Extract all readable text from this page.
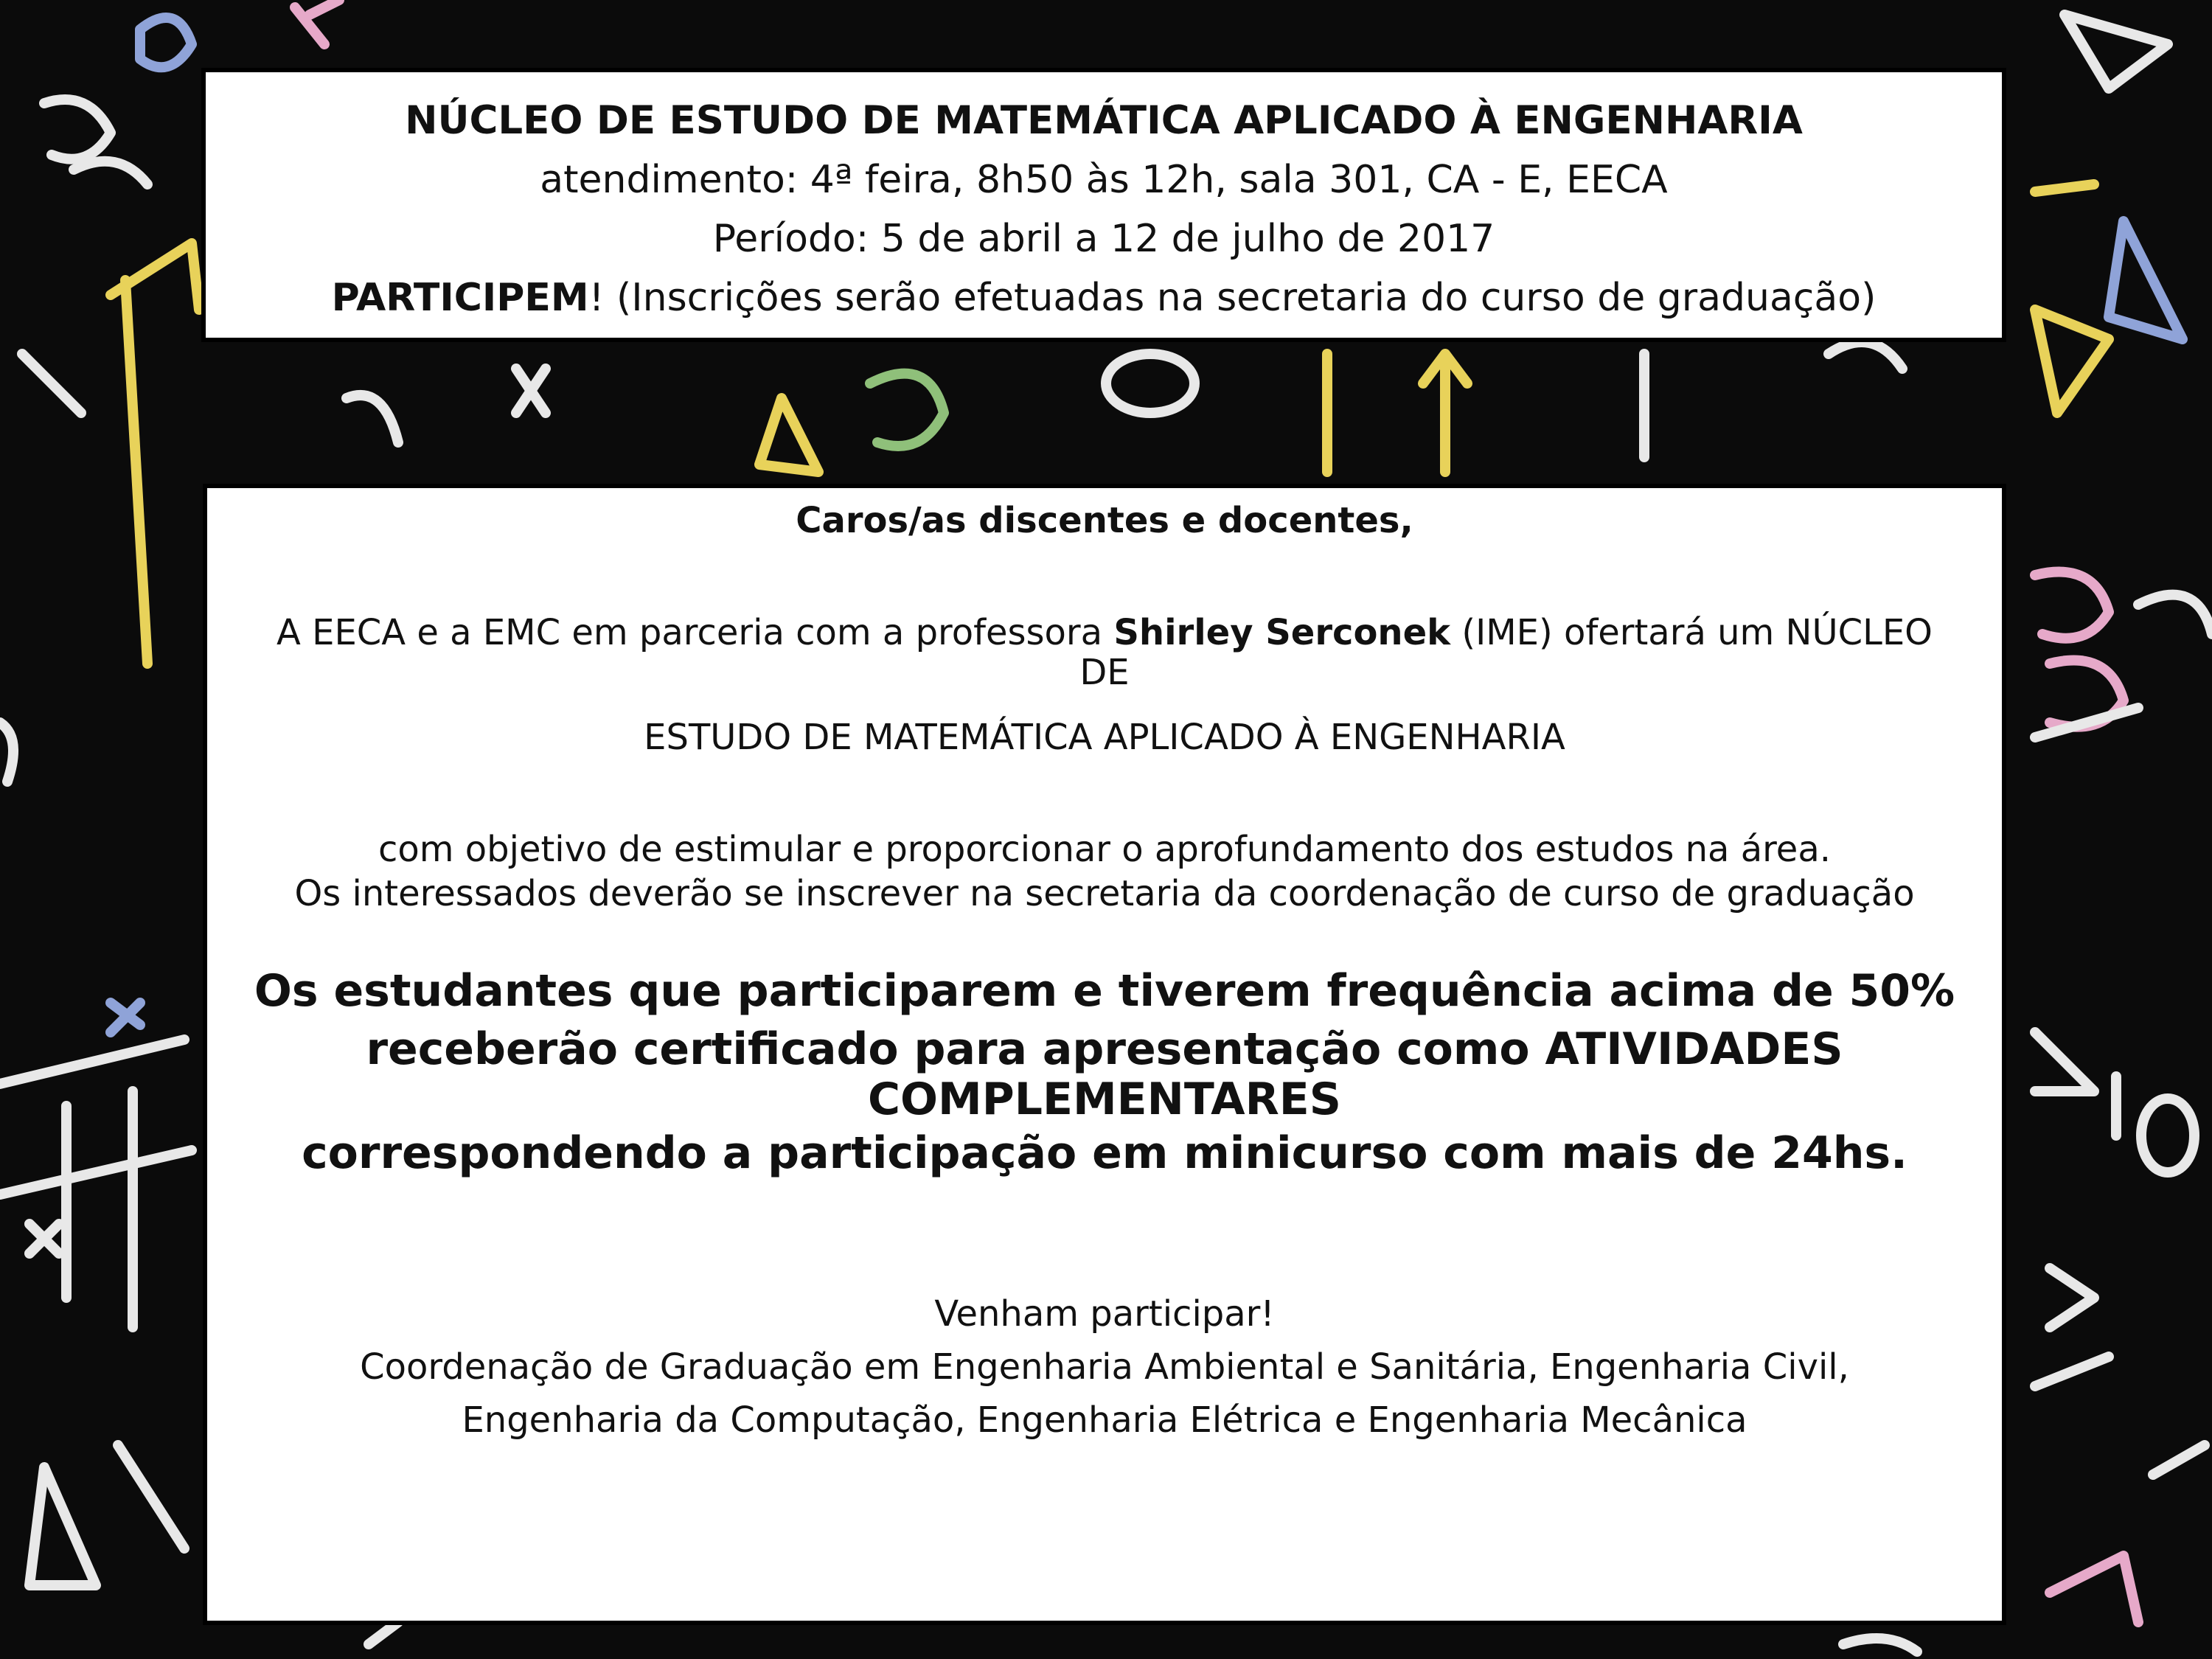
NÚCLEO DE ESTUDO DE MATEMÁTICA APLICADO À ENGENHARIA
atendimento: 4ª feira, 8h50 às 12h, sala 301, CA - E, EECA
Período: 5 de abril a 12 de julho de 2017
PARTICIPEM! (Inscrições serão efetuadas na secretaria do curso de graduação)
Caros/as discentes e docentes,
A EECA e a EMC em parceria com a professora Shirley Serconek (IME) ofertará um NÚCLEO
DE
ESTUDO DE MATEMÁTICA APLICADO À ENGENHARIA
com objetivo de estimular e proporcionar o aprofundamento dos estudos na área.
Os interessados deverão se inscrever na secretaria da coordenação de curso de graduação
Os estudantes que participarem e tiverem frequência acima de 50%
receberão certificado para apresentação como ATIVIDADES
COMPLEMENTARES
correspondendo a participação em minicurso com mais de 24hs.
Venham participar!
Coordenação de Graduação em Engenharia Ambiental e Sanitária, Engenharia Civil,
Engenharia da Computação, Engenharia Elétrica e Engenharia Mecânica
